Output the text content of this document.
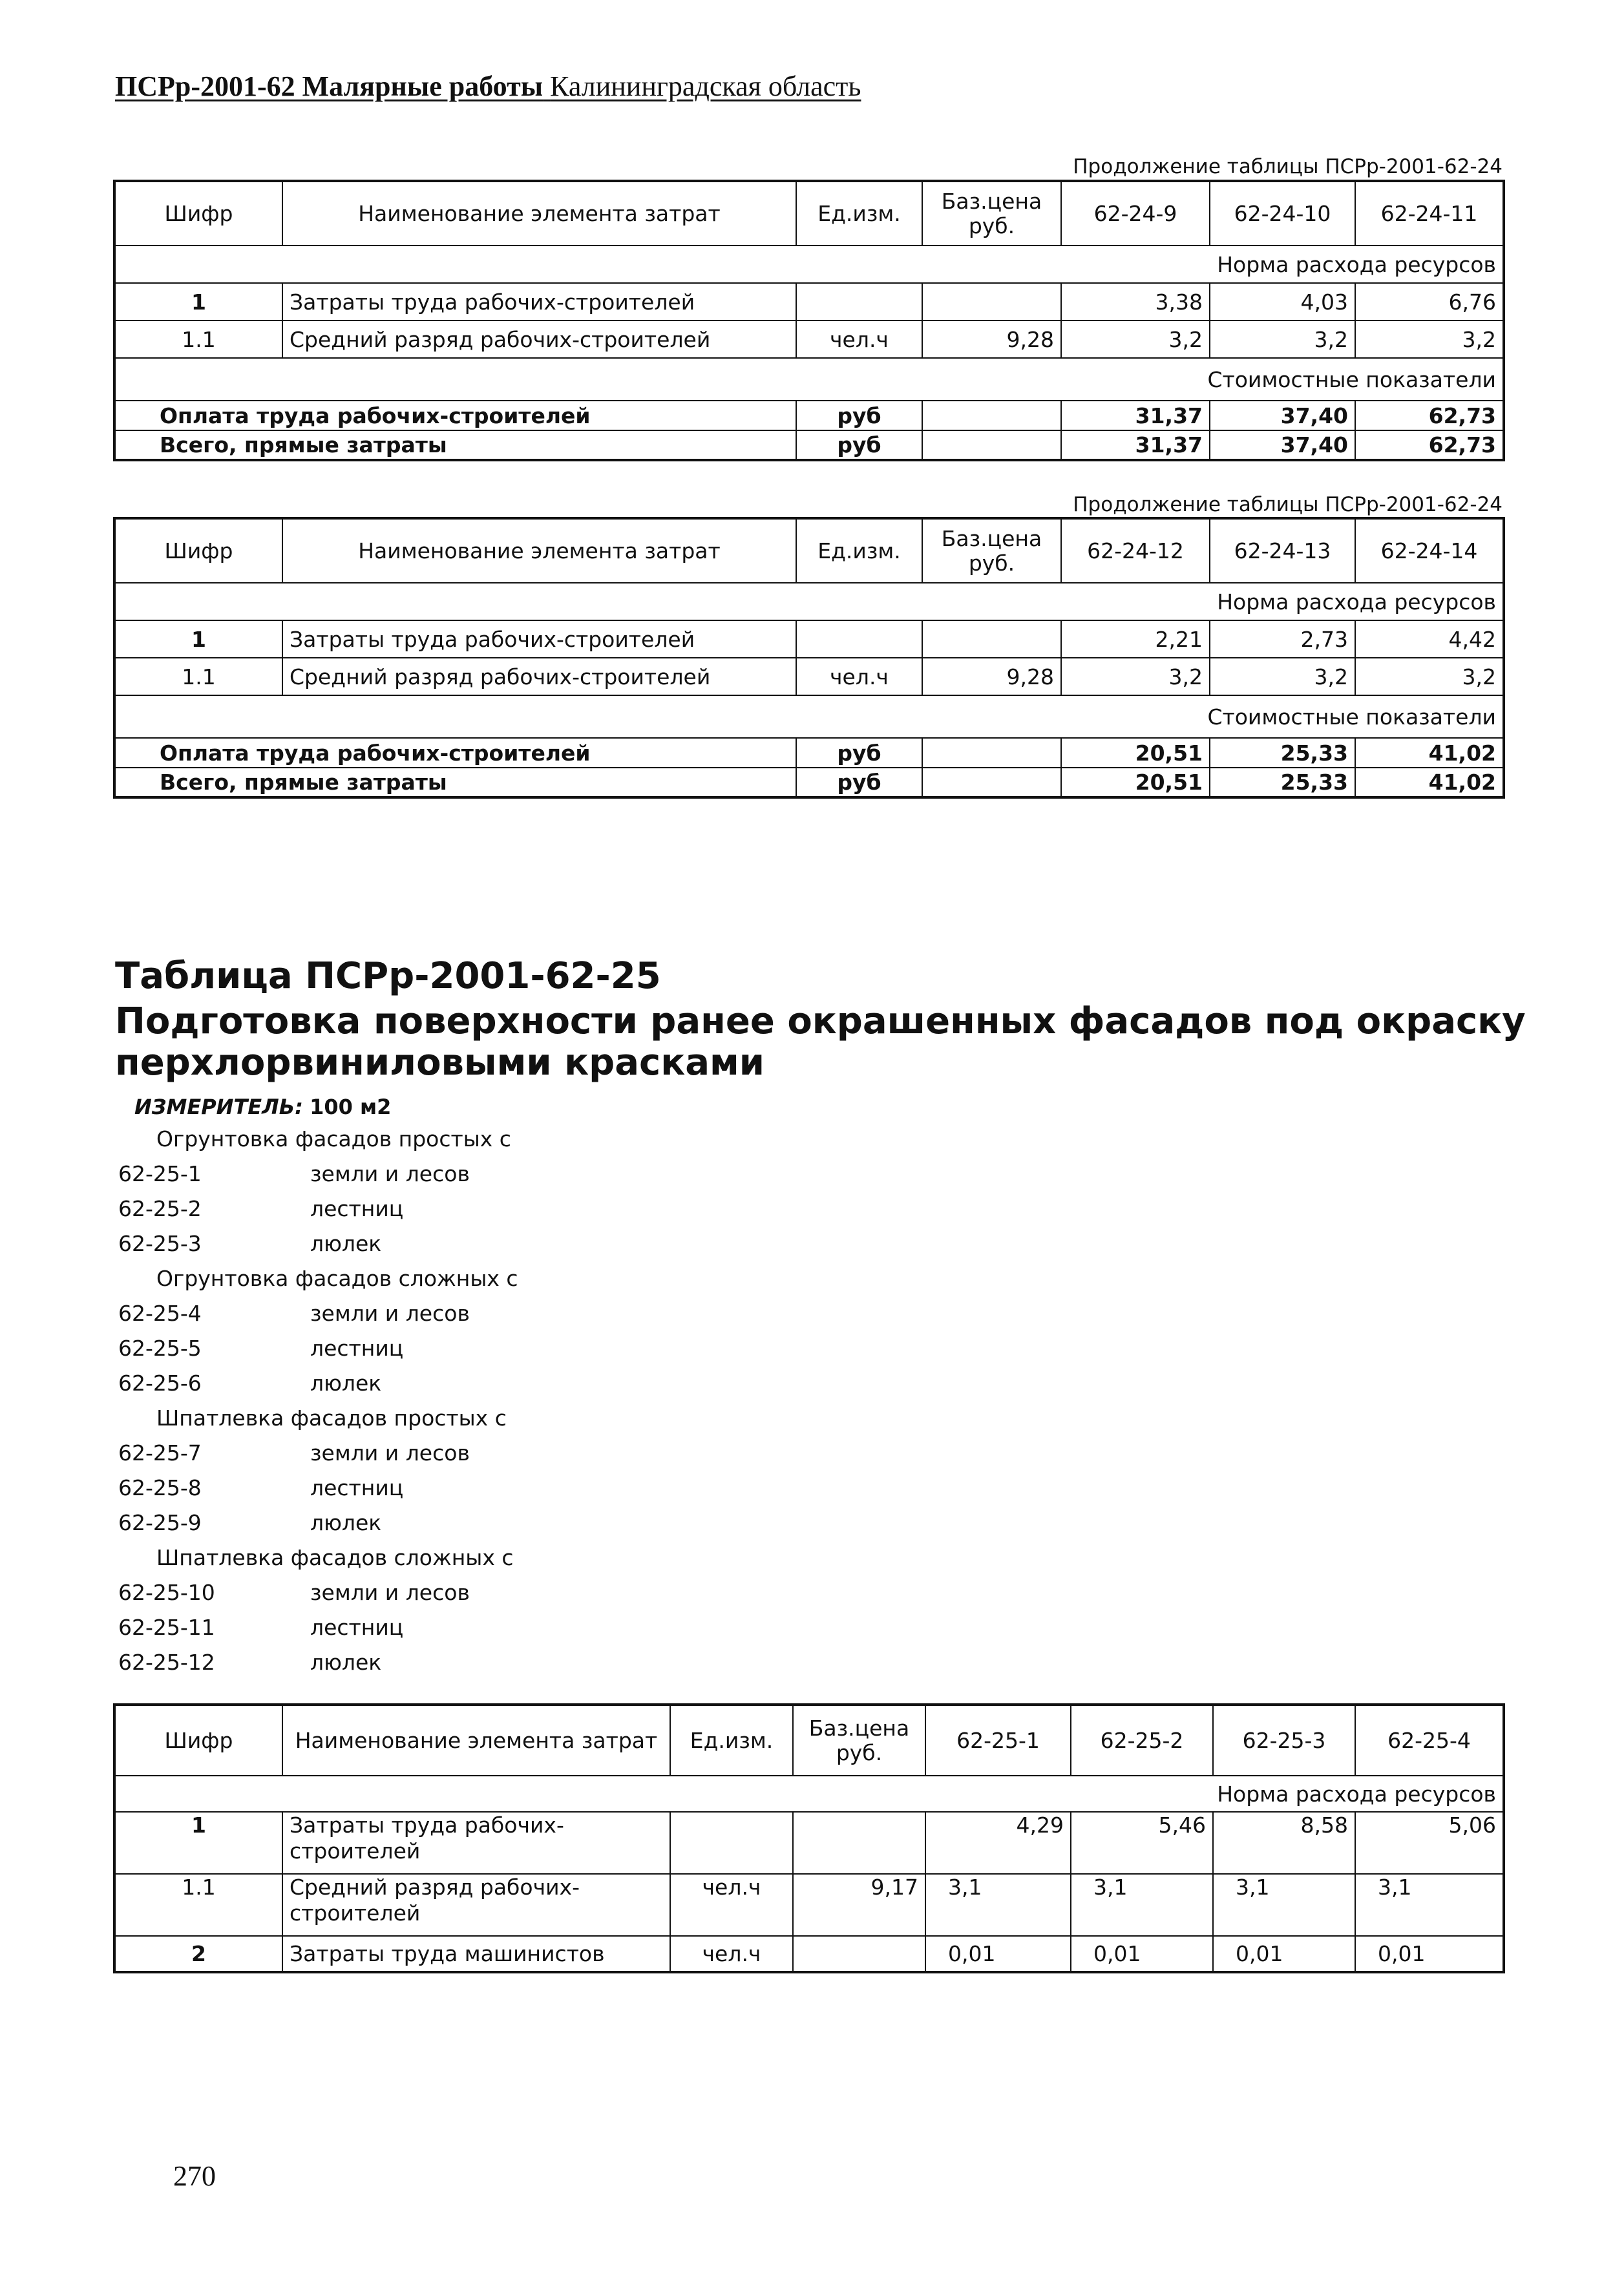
ПСРр-2001-62 Малярные работы Калининградская область
Продолжение таблицы ПСРр-2001-62-24
Шифр	Наименование элемента затрат	Ед.изм.	Баз.цена руб.	62-24-9	62-24-10	62-24-11
Норма расхода ресурсов						
1	Затраты труда рабочих-строителей			3,38	4,03	6,76
1.1	Средний разряд рабочих-строителей	чел.ч	9,28	3,2	3,2	3,2
Стоимостные показатели						
Оплата труда рабочих-строителей		руб		31,37	37,40	62,73
Всего, прямые затраты		руб		31,37	37,40	62,73
Продолжение таблицы ПСРр-2001-62-24
Шифр	Наименование элемента затрат	Ед.изм.	Баз.цена руб.	62-24-12	62-24-13	62-24-14
Норма расхода ресурсов						
1	Затраты труда рабочих-строителей			2,21	2,73	4,42
1.1	Средний разряд рабочих-строителей	чел.ч	9,28	3,2	3,2	3,2
Стоимостные показатели						
Оплата труда рабочих-строителей		руб		20,51	25,33	41,02
Всего, прямые затраты		руб		20,51	25,33	41,02
Таблица ПСРр-2001-62-25
Подготовка поверхности ранее окрашенных фасадов под окраску
перхлорвиниловыми красками
ИЗМЕРИТЕЛЬ: 100 м2
Огрунтовка фасадов простых с
62-25-1	земли и лесов
62-25-2	лестниц
62-25-3	люлек
Огрунтовка фасадов сложных с
62-25-4	земли и лесов
62-25-5	лестниц
62-25-6	люлек
Шпатлевка фасадов простых с
62-25-7	земли и лесов
62-25-8	лестниц
62-25-9	люлек
Шпатлевка фасадов сложных с
62-25-10	земли и лесов
62-25-11	лестниц
62-25-12	люлек
Шифр	Наименование элемента затрат	Ед.изм.	Баз.цена руб.	62-25-1	62-25-2	62-25-3	62-25-4
Норма расхода ресурсов							
1	Затраты труда рабочих-строителей			4,29	5,46	8,58	5,06
1.1	Средний разряд рабочих-строителей	чел.ч	9,17	3,1	3,1	3,1	3,1
2	Затраты труда машинистов	чел.ч		0,01	0,01	0,01	0,01
270
